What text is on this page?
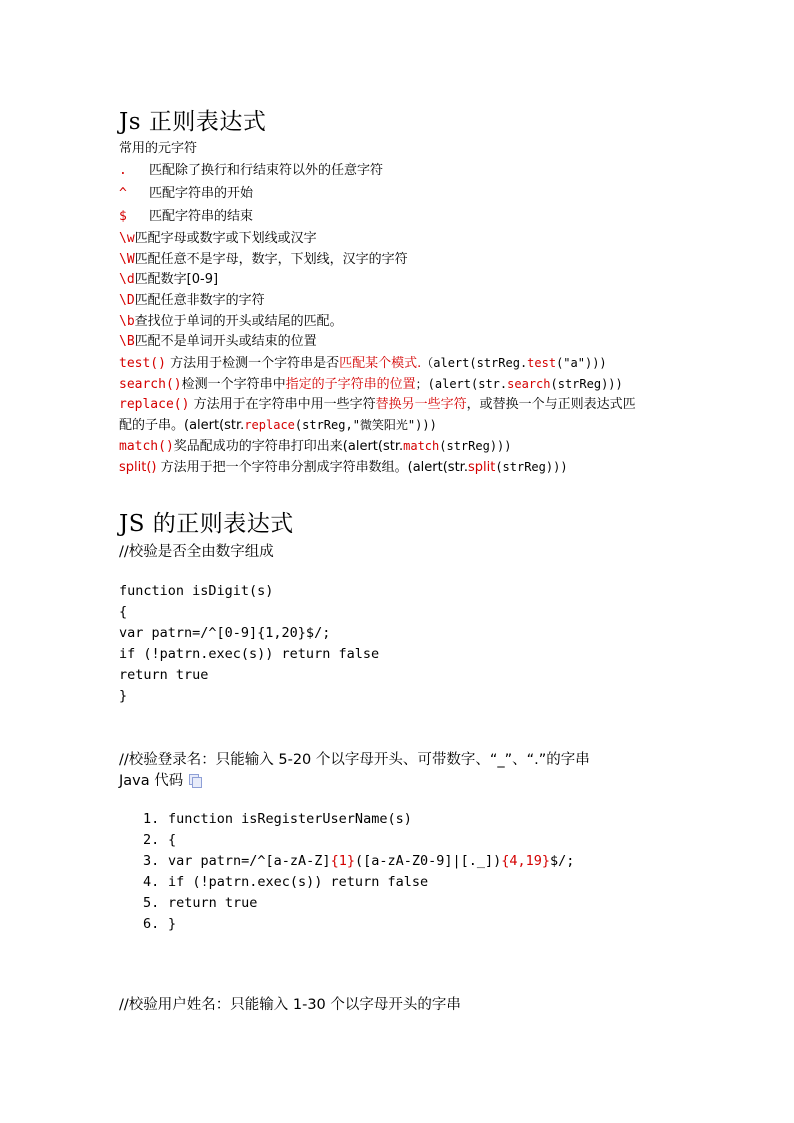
Js 正则表达式
常用的元字符
. 匹配除了换行和行结束符以外的任意字符
^ 匹配字符串的开始
$ 匹配字符串的结束
\w匹配字母或数字或下划线或汉字
\W匹配任意不是字母，数字，下划线，汉字的字符
\d匹配数字[0-9]
\D匹配任意非数字的字符
\b查找位于单词的开头或结尾的匹配。
\B匹配不是单词开头或结束的位置
test() 方法用于检测一个字符串是否匹配某个模式.（alert(strReg.test("a")))
search()检测一个字符串中指定的子字符串的位置；(alert(str.search(strReg)))
replace() 方法用于在字符串中用一些字符替换另一些字符，或替换一个与正则表达式匹
配的子串。(alert(str.replace(strReg,"微笑阳光")))
match()奖品配成功的字符串打印出来(alert(str.match(strReg)))
split() 方法用于把一个字符串分割成字符串数组。(alert(str.split(strReg)))
JS 的正则表达式
//校验是否全由数字组成
function isDigit(s)
{
var patrn=/^[0-9]{1,20}$/;
if (!patrn.exec(s)) return false
return true
}
//校验登录名：只能输入 5-20 个以字母开头、可带数字、“_”、“.”的字串
Java 代码
1. function isRegisterUserName(s)
2. {
3. var patrn=/^[a-zA-Z]{1}([a-zA-Z0-9]|[._]){4,19}$/;
4. if (!patrn.exec(s)) return false
5. return true
6. }
//校验用户姓名：只能输入 1-30 个以字母开头的字串
